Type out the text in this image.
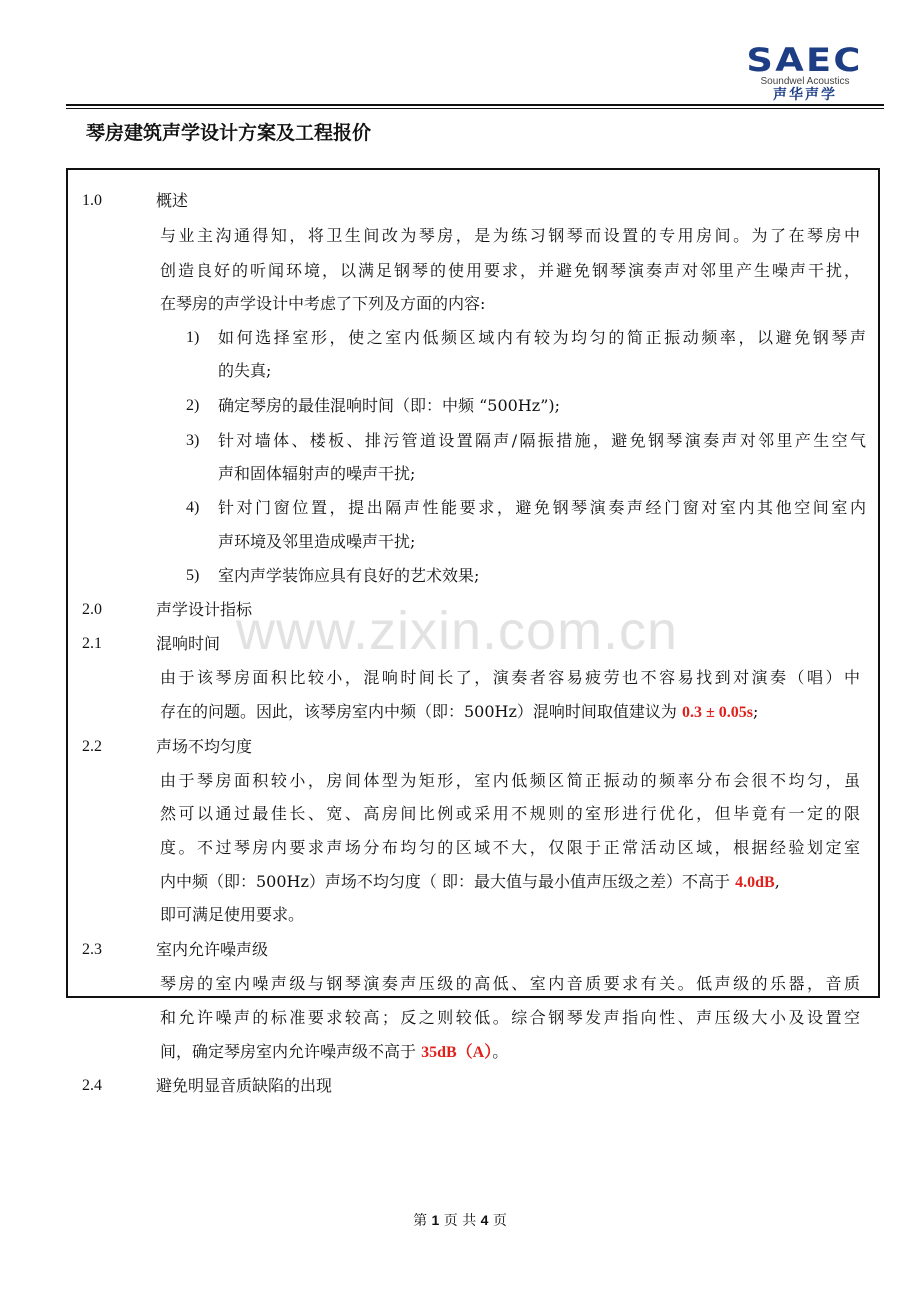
SAEC
Soundwel Acoustics
声华声学
琴房建筑声学设计方案及工程报价
www.zixin.com.cn
1.0	概述
与业主沟通得知，将卫生间改为琴房，是为练习钢琴而设置的专用房间。为了在琴房中
创造良好的听闻环境，以满足钢琴的使用要求，并避免钢琴演奏声对邻里产生噪声干扰，
在琴房的声学设计中考虑了下列及方面的内容:
1) 如何选择室形，使之室内低频区域内有较为均匀的简正振动频率，以避免钢琴声
的失真;
2) 确定琴房的最佳混响时间（即：中频 “500Hz”);
3) 针对墙体、楼板、排污管道设置隔声/隔振措施，避免钢琴演奏声对邻里产生空气
声和固体辐射声的噪声干扰;
4) 针对门窗位置，提出隔声性能要求，避免钢琴演奏声经门窗对室内其他空间室内
声环境及邻里造成噪声干扰;
5) 室内声学装饰应具有良好的艺术效果;
2.0	声学设计指标
2.1	混响时间
由于该琴房面积比较小，混响时间长了，演奏者容易疲劳也不容易找到对演奏（唱）中
存在的问题。因此，该琴房室内中频（即：500Hz）混响时间取值建议为 0.3 ± 0.05s;
2.2	声场不均匀度
由于琴房面积较小，房间体型为矩形，室内低频区简正振动的频率分布会很不均匀，虽
然可以通过最佳长、宽、高房间比例或采用不规则的室形进行优化，但毕竟有一定的限
度。不过琴房内要求声场分布均匀的区域不大，仅限于正常活动区域，根据经验划定室
内中频（即：500Hz）声场不均匀度（ 即：最大值与最小值声压级之差）不高于 4.0dB,
即可满足使用要求。
2.3	室内允许噪声级
琴房的室内噪声级与钢琴演奏声压级的高低、室内音质要求有关。低声级的乐器，音质
和允许噪声的标准要求较高；反之则较低。综合钢琴发声指向性、声压级大小及设置空
间，确定琴房室内允许噪声级不高于 35dB（A）。
2.4	避免明显音质缺陷的出现
第 1 页 共 4 页
